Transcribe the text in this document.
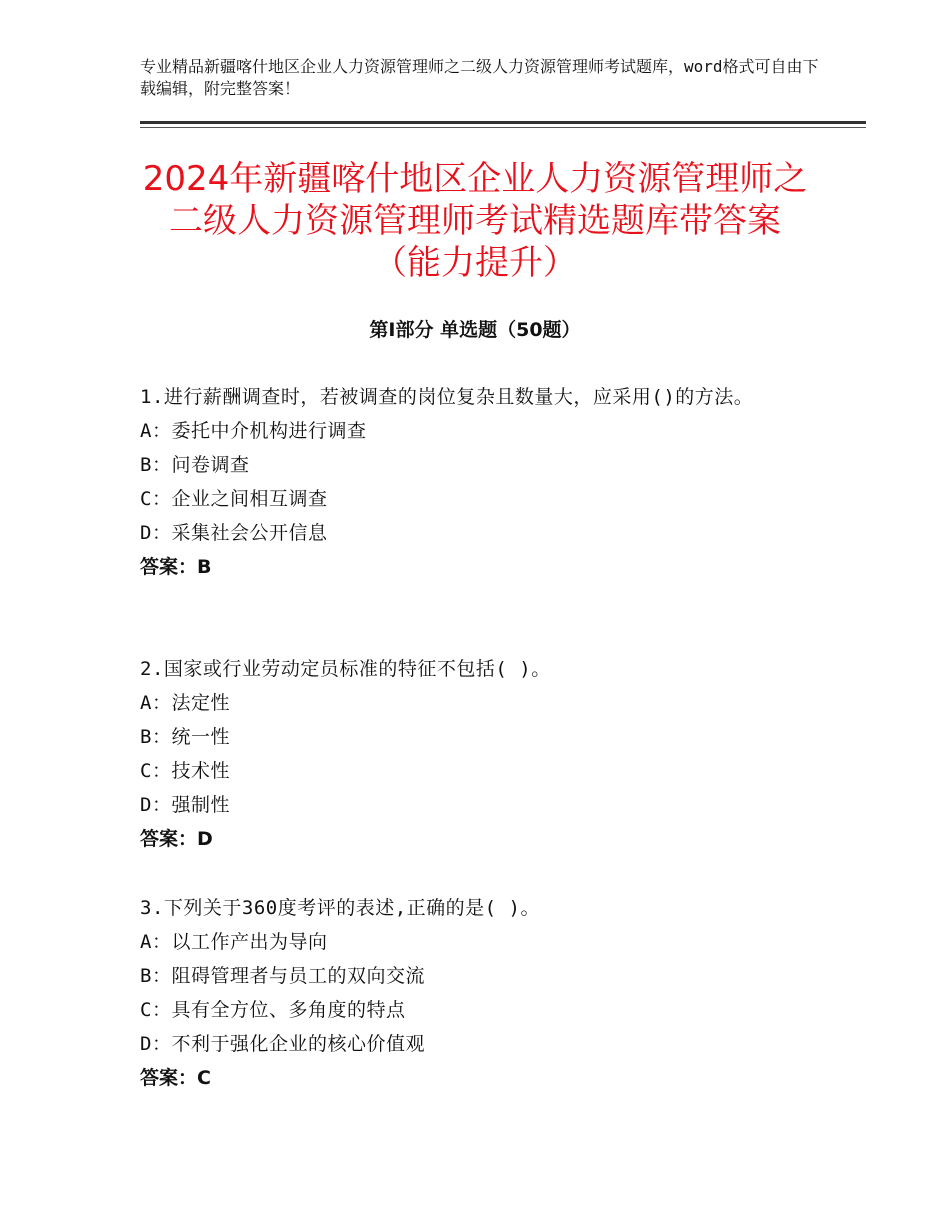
专业精品新疆喀什地区企业人力资源管理师之二级人力资源管理师考试题库，word格式可自由下载编辑，附完整答案！
2024年新疆喀什地区企业人力资源管理师之
二级人力资源管理师考试精选题库带答案
（能力提升）
第Ⅰ部分 单选题（50题）
1.进行薪酬调查时，若被调查的岗位复杂且数量大，应采用()的方法。
A：委托中介机构进行调查
B：问卷调查
C：企业之间相互调查
D：采集社会公开信息
答案：B
2.国家或行业劳动定员标准的特征不包括( )。
A：法定性
B：统一性
C：技术性
D：强制性
答案：D
3.下列关于360度考评的表述,正确的是( )。
A：以工作产出为导向
B：阻碍管理者与员工的双向交流
C：具有全方位、多角度的特点
D：不利于强化企业的核心价值观
答案：C
